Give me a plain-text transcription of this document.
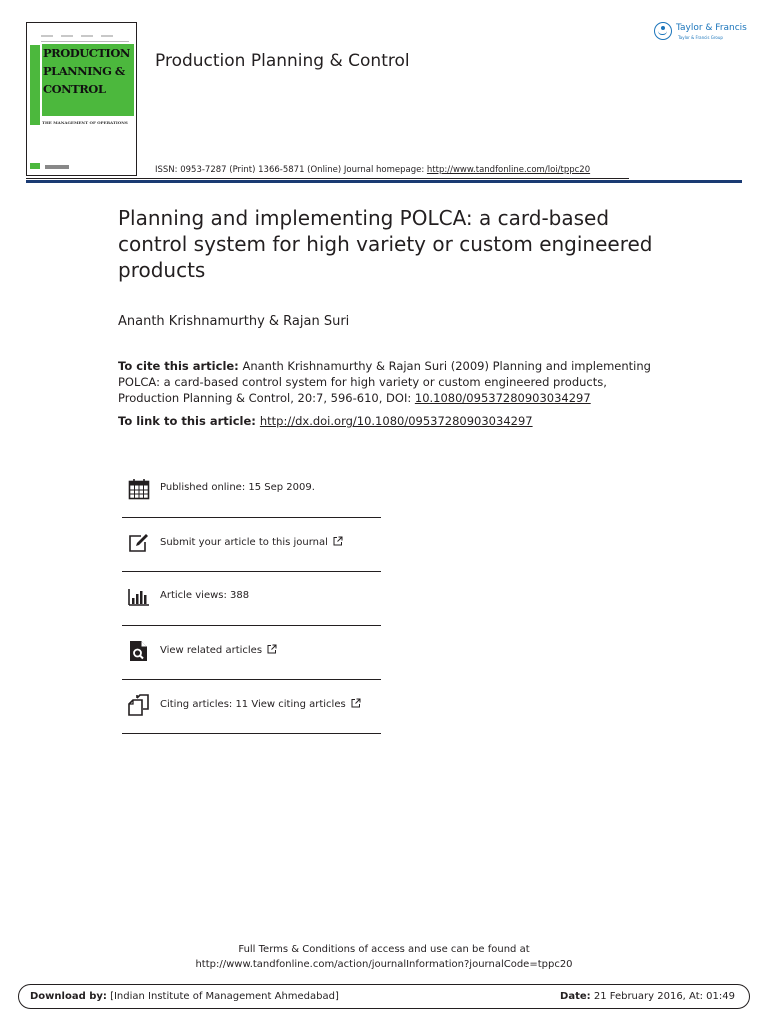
PRODUCTION
PLANNING &
CONTROL
THE MANAGEMENT OF OPERATIONS
Production Planning & Control
Taylor & Francis
Taylor & Francis Group
ISSN: 0953-7287 (Print) 1366-5871 (Online) Journal homepage: http://www.tandfonline.com/loi/tppc20
Planning and implementing POLCA: a card-based control system for high variety or custom engineered products
Ananth Krishnamurthy & Rajan Suri
To cite this article: Ananth Krishnamurthy & Rajan Suri (2009) Planning and implementing POLCA: a card-based control system for high variety or custom engineered products, Production Planning & Control, 20:7, 596-610, DOI: 10.1080/09537280903034297
To link to this article: http://dx.doi.org/10.1080/09537280903034297
Published online: 15 Sep 2009.
Submit your article to this journal
Article views: 388
View related articles
Citing articles: 11 View citing articles
Full Terms & Conditions of access and use can be found at
http://www.tandfonline.com/action/journalInformation?journalCode=tppc20
Download by: [Indian Institute of Management Ahmedabad]	Date: 21 February 2016, At: 01:49
